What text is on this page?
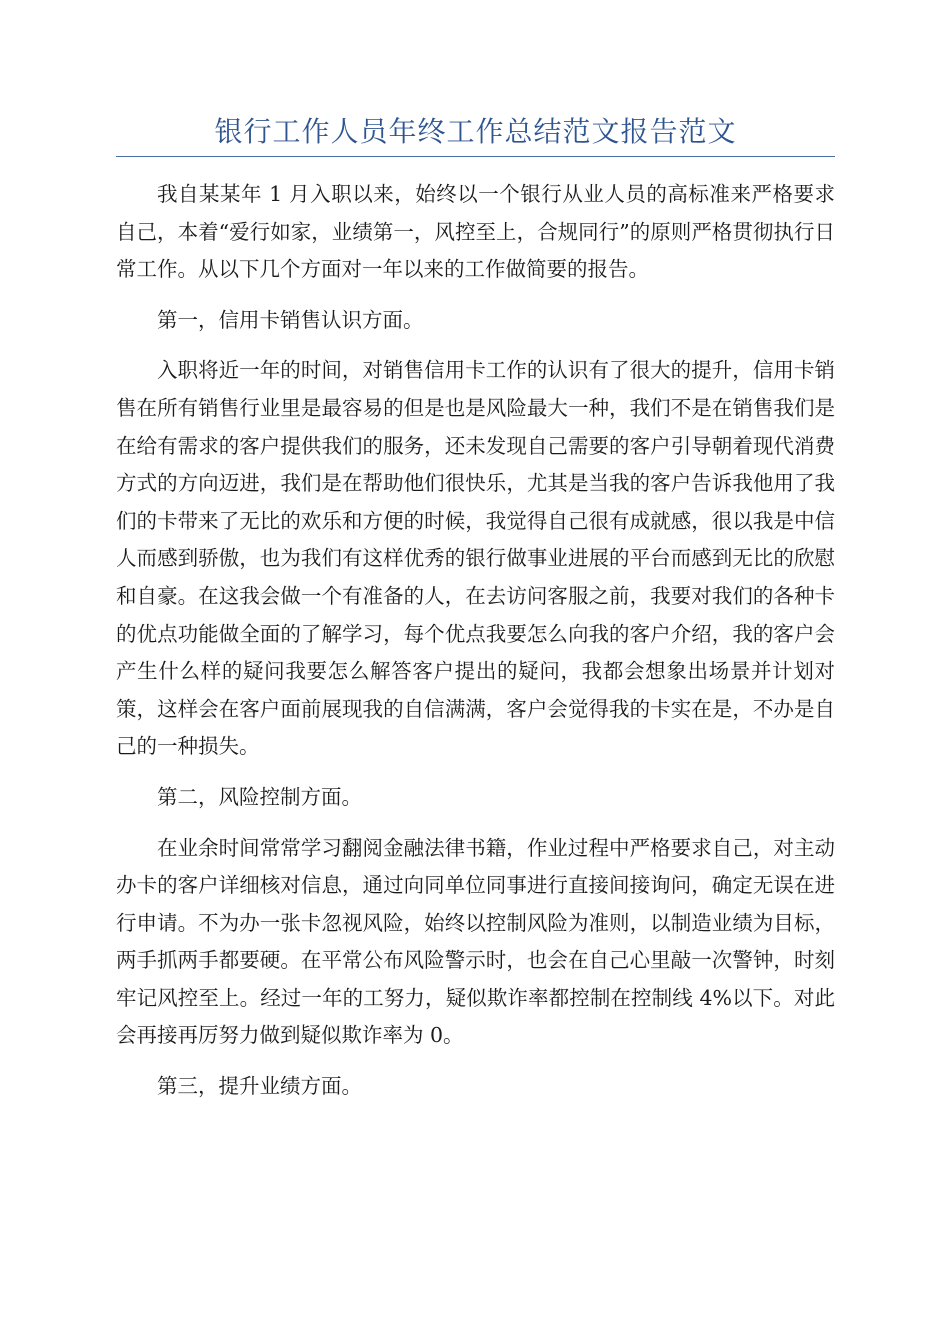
银行工作人员年终工作总结范文报告范文

我自某某年 1 月入职以来，始终以一个银行从业人员的高标准来严格要求自己，本着“爱行如家，业绩第一，风控至上，合规同行”的原则严格贯彻执行日常工作。从以下几个方面对一年以来的工作做简要的报告。

第一，信用卡销售认识方面。

入职将近一年的时间，对销售信用卡工作的认识有了很大的提升，信用卡销售在所有销售行业里是最容易的但是也是风险最大一种，我们不是在销售我们是在给有需求的客户提供我们的服务，还未发现自己需要的客户引导朝着现代消费方式的方向迈进，我们是在帮助他们很快乐，尤其是当我的客户告诉我他用了我们的卡带来了无比的欢乐和方便的时候，我觉得自己很有成就感，很以我是中信人而感到骄傲，也为我们有这样优秀的银行做事业进展的平台而感到无比的欣慰和自豪。在这我会做一个有准备的人，在去访问客服之前，我要对我们的各种卡的优点功能做全面的了解学习，每个优点我要怎么向我的客户介绍，我的客户会产生什么样的疑问我要怎么解答客户提出的疑问，我都会想象出场景并计划对策，这样会在客户面前展现我的自信满满，客户会觉得我的卡实在是，不办是自己的一种损失。

第二，风险控制方面。

在业余时间常常学习翻阅金融法律书籍，作业过程中严格要求自己，对主动办卡的客户详细核对信息，通过向同单位同事进行直接间接询问，确定无误在进行申请。不为办一张卡忽视风险，始终以控制风险为准则，以制造业绩为目标，两手抓两手都要硬。在平常公布风险警示时，也会在自己心里敲一次警钟，时刻牢记风控至上。经过一年的工努力，疑似欺诈率都控制在控制线 4%以下。对此会再接再厉努力做到疑似欺诈率为 0。

第三，提升业绩方面。
